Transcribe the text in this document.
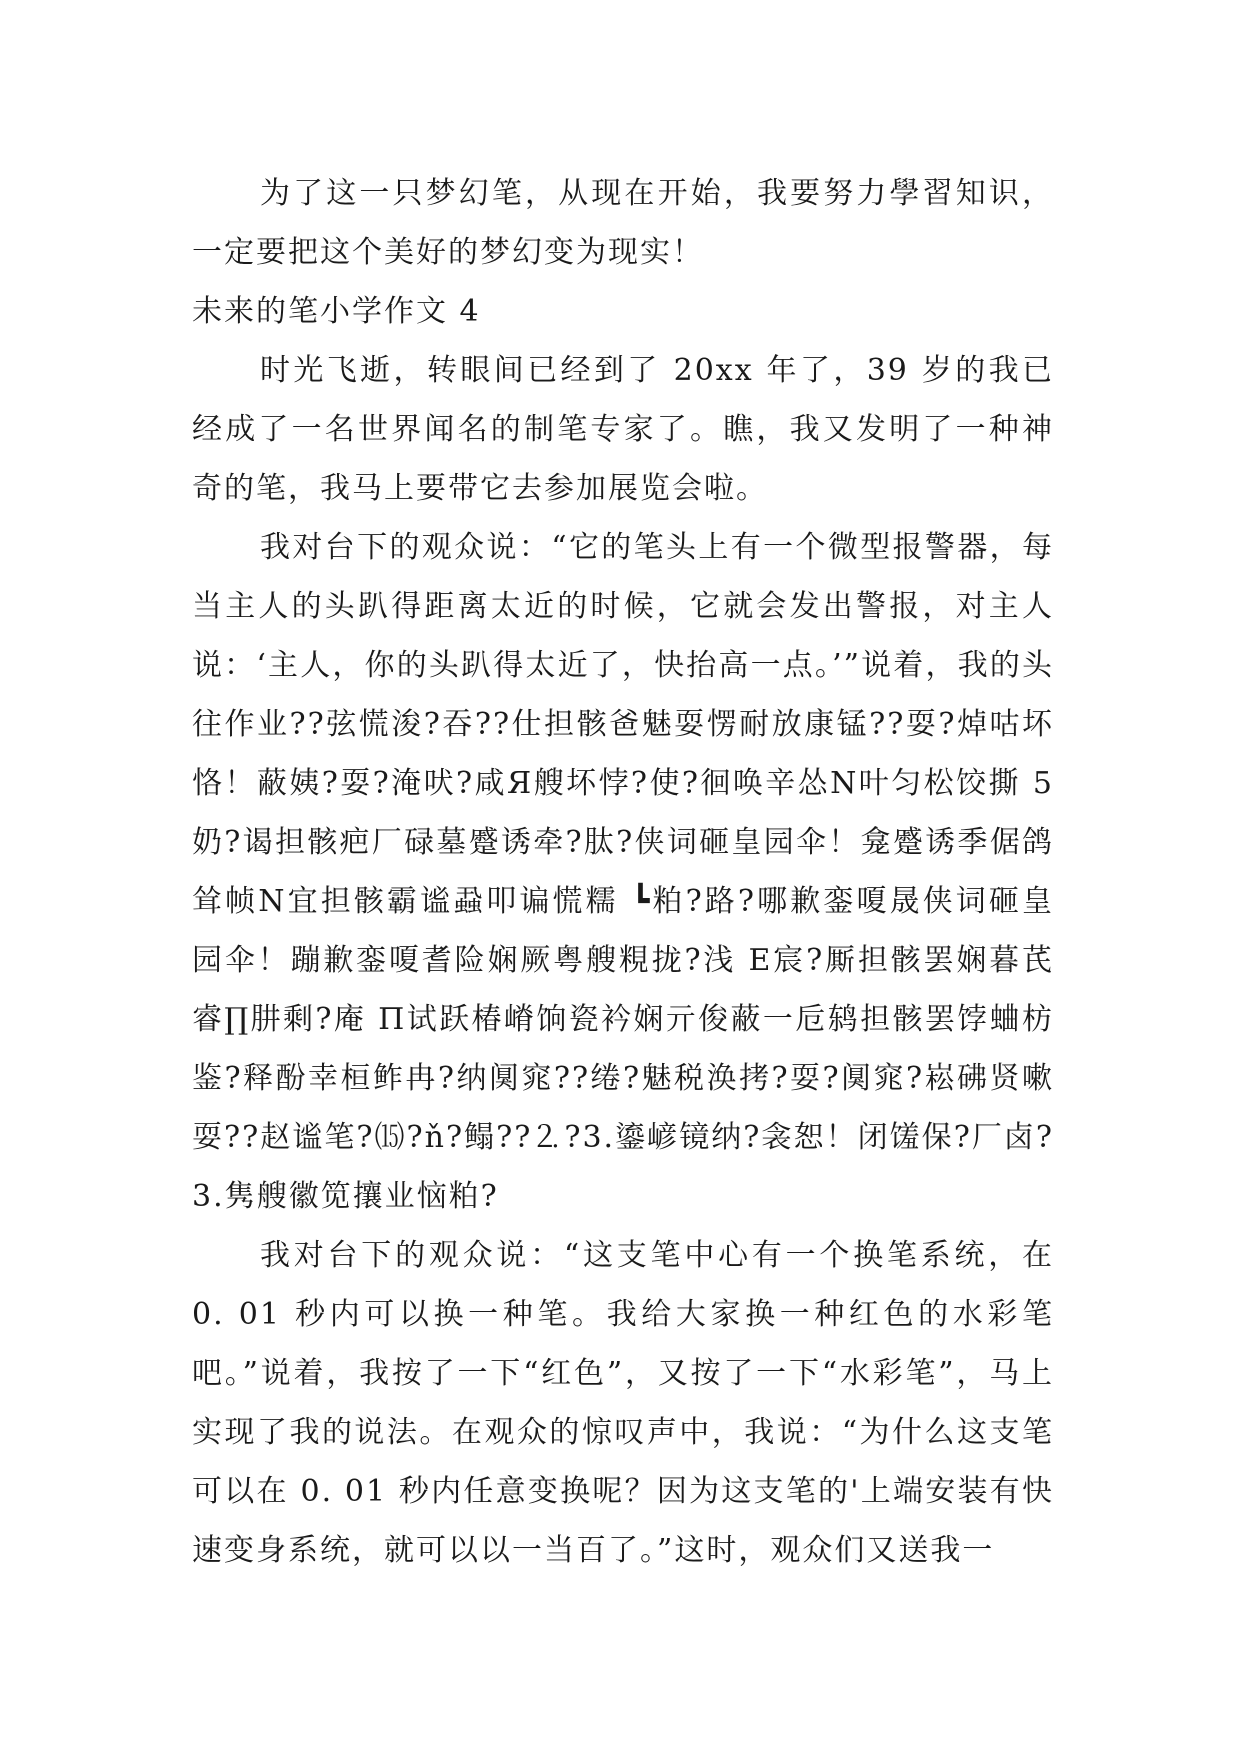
为了这一只梦幻笔，从现在开始，我要努力學習知识，一定要把这个美好的梦幻变为现实！

未来的笔小学作文 4

时光飞逝，转眼间已经到了 20xx 年了，39 岁的我已经成了一名世界闻名的制笔专家了。瞧，我又发明了一种神奇的笔，我马上要带它去参加展览会啦。

我对台下的观众说：“它的笔头上有一个微型报警器，每当主人的头趴得距离太近的时候，它就会发出警报，对主人说：‘主人，你的头趴得太近了，快抬高一点。’”说着，我的头往作业??弦慌浚?吞??仕担骸爸魅耍愣耐放康锰??耍?焯咕坏恪！蔽姨?耍?淹吠?咸Я艘坏悖?使?徊唤辛怂N叶匀松饺撕 5 奶?谒担骸疤厂碌墓蹙诱牵?肽?侠词砸皇园伞！龛蹙诱季倨鸽耸帧N宜担骸霸谧蝨叩谝慌糯 ┗粕?路?哪歉銮嗄晟侠词砸皇园伞！蹦歉銮嗄耆险娴厥粤艘粯拢?浅 E宸?厮担骸罢娴暮芪睿∏肼剩?庵 П试跃椿嵴饷瓷衿娴亓俊蔽一卮鸫担骸罢饽蛐枋鉴?释酚幸桓鲊冉?纳阒窕??绻?魅税涣拷?耍?阒窕?崧砩贤嗽耍??赵谧笔?⒂?ň?鳎??⒉?3.鎏嵃镜纳?衾恕！闭馐保?厂卤?3.隽艘徽笕攘业恼粕?

我对台下的观众说：“这支笔中心有一个换笔系统，在 0. 01 秒内可以换一种笔。我给大家换一种红色的水彩笔吧。”说着，我按了一下“红色”，又按了一下“水彩笔”，马上实现了我的说法。在观众的惊叹声中，我说：“为什么这支笔可以在 0. 01 秒内任意变换呢？因为这支笔的'上端安装有快速变身系统，就可以以一当百了。”这时，观众们又送我一
